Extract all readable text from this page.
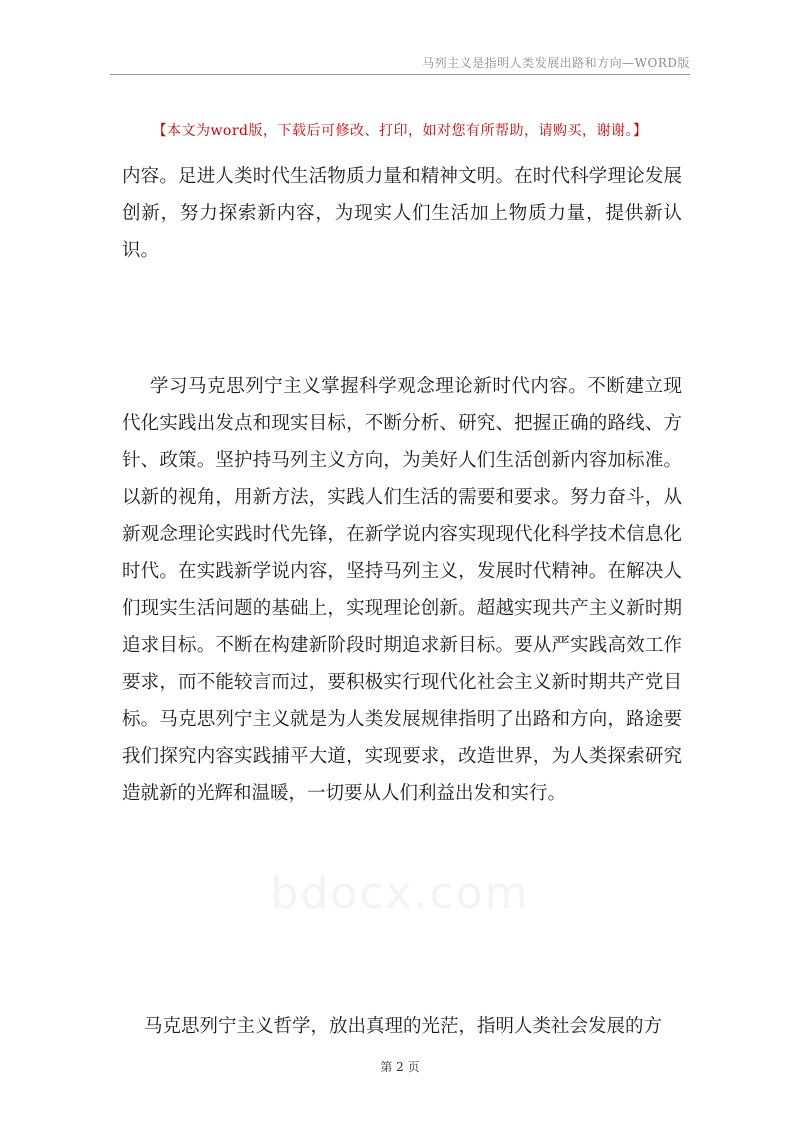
马列主义是指明人类发展出路和方向—WORD版
【本文为word版，下载后可修改、打印，如对您有所帮助，请购买，谢谢。】

内容。足进人类时代生活物质力量和精神文明。在时代科学理论发展创新，努力探索新内容，为现实人们生活加上物质力量，提供新认识。

学习马克思列宁主义掌握科学观念理论新时代内容。不断建立现代化实践出发点和现实目标，不断分析、研究、把握正确的路线、方针、政策。坚护持马列主义方向，为美好人们生活创新内容加标准。以新的视角，用新方法，实践人们生活的需要和要求。努力奋斗，从新观念理论实践时代先锋，在新学说内容实现现代化科学技术信息化时代。在实践新学说内容，坚持马列主义，发展时代精神。在解决人们现实生活问题的基础上，实现理论创新。超越实现共产主义新时期追求目标。不断在构建新阶段时期追求新目标。要从严实践高效工作要求，而不能较言而过，要积极实行现代化社会主义新时期共产党目标。马克思列宁主义就是为人类发展规律指明了出路和方向，路途要我们探究内容实践捕平大道，实现要求，改造世界，为人类探索研究造就新的光辉和温暖，一切要从人们利益出发和实行。

马克思列宁主义哲学，放出真理的光茫，指明人类社会发展的方

第 2 页
